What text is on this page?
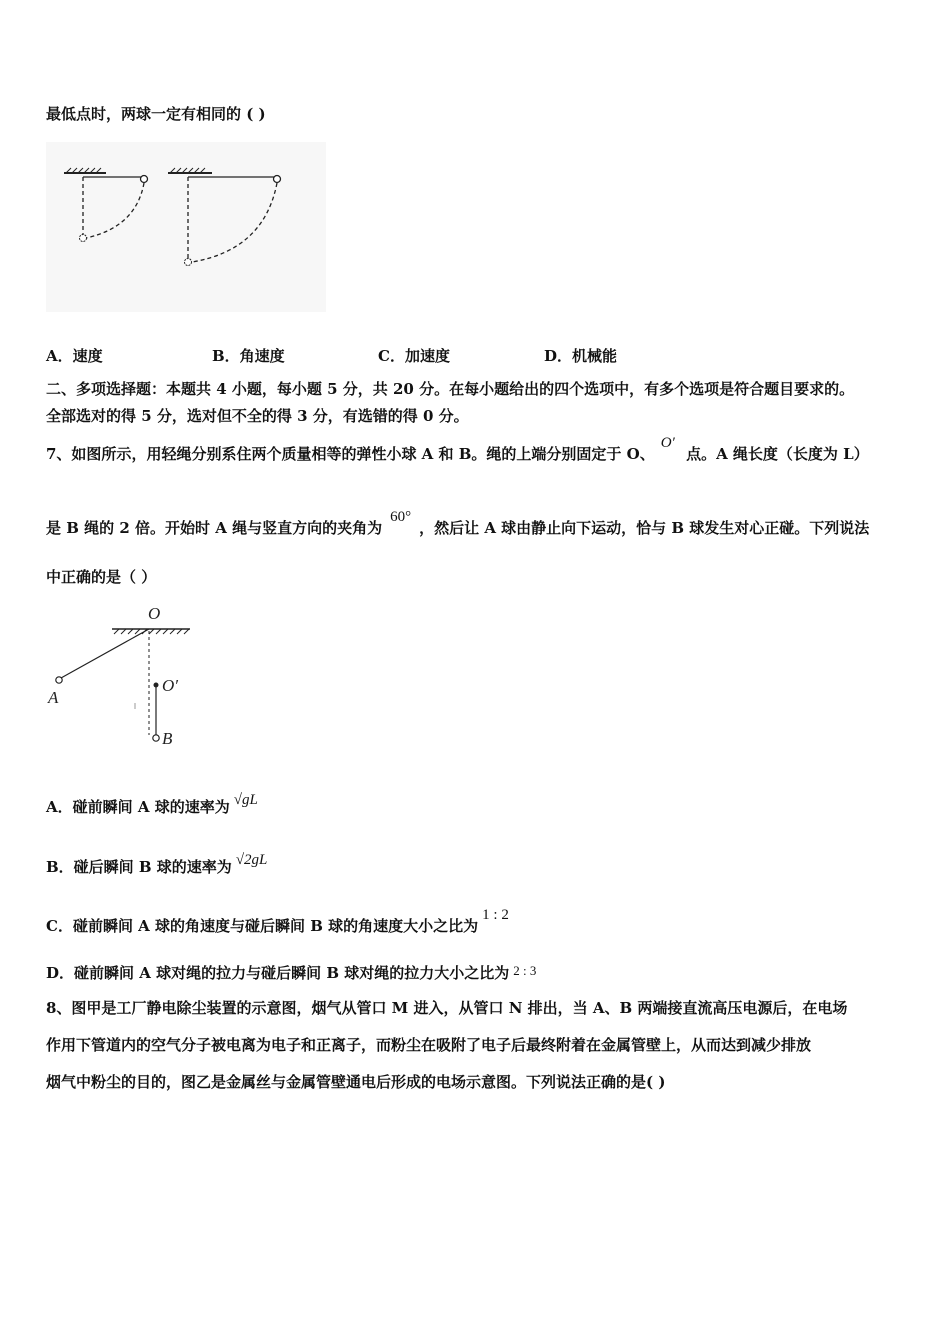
最低点时，两球一定有相同的 ( )
A．速度	B．角速度	C．加速度	D．机械能
二、多项选择题：本题共 4 小题，每小题 5 分，共 20 分。在每小题给出的四个选项中，有多个选项是符合题目要求的。
全部选对的得 5 分，选对但不全的得 3 分，有选错的得 0 分。
7、如图所示，用轻绳分别系住两个质量相等的弹性小球 A 和 B。绳的上端分别固定于 O、O′ 点。A 绳长度（长度为 L）
是 B 绳的 2 倍。开始时 A 绳与竖直方向的夹角为60°，然后让 A 球由静止向下运动，恰与 B 球发生对心正碰。下列说法
中正确的是（ ）
O
A
O′
B
A．碰前瞬间 A 球的速率为 √gL
B．碰后瞬间 B 球的速率为 √2gL
C．碰前瞬间 A 球的角速度与碰后瞬间 B 球的角速度大小之比为1 : 2
D．碰前瞬间 A 球对绳的拉力与碰后瞬间 B 球对绳的拉力大小之比为 2 : 3
8、图甲是工厂静电除尘装置的示意图，烟气从管口 M 进入，从管口 N 排出，当 A、B 两端接直流高压电源后，在电场
作用下管道内的空气分子被电离为电子和正离子，而粉尘在吸附了电子后最终附着在金属管壁上，从而达到减少排放
烟气中粉尘的目的，图乙是金属丝与金属管壁通电后形成的电场示意图。下列说法正确的是( )
